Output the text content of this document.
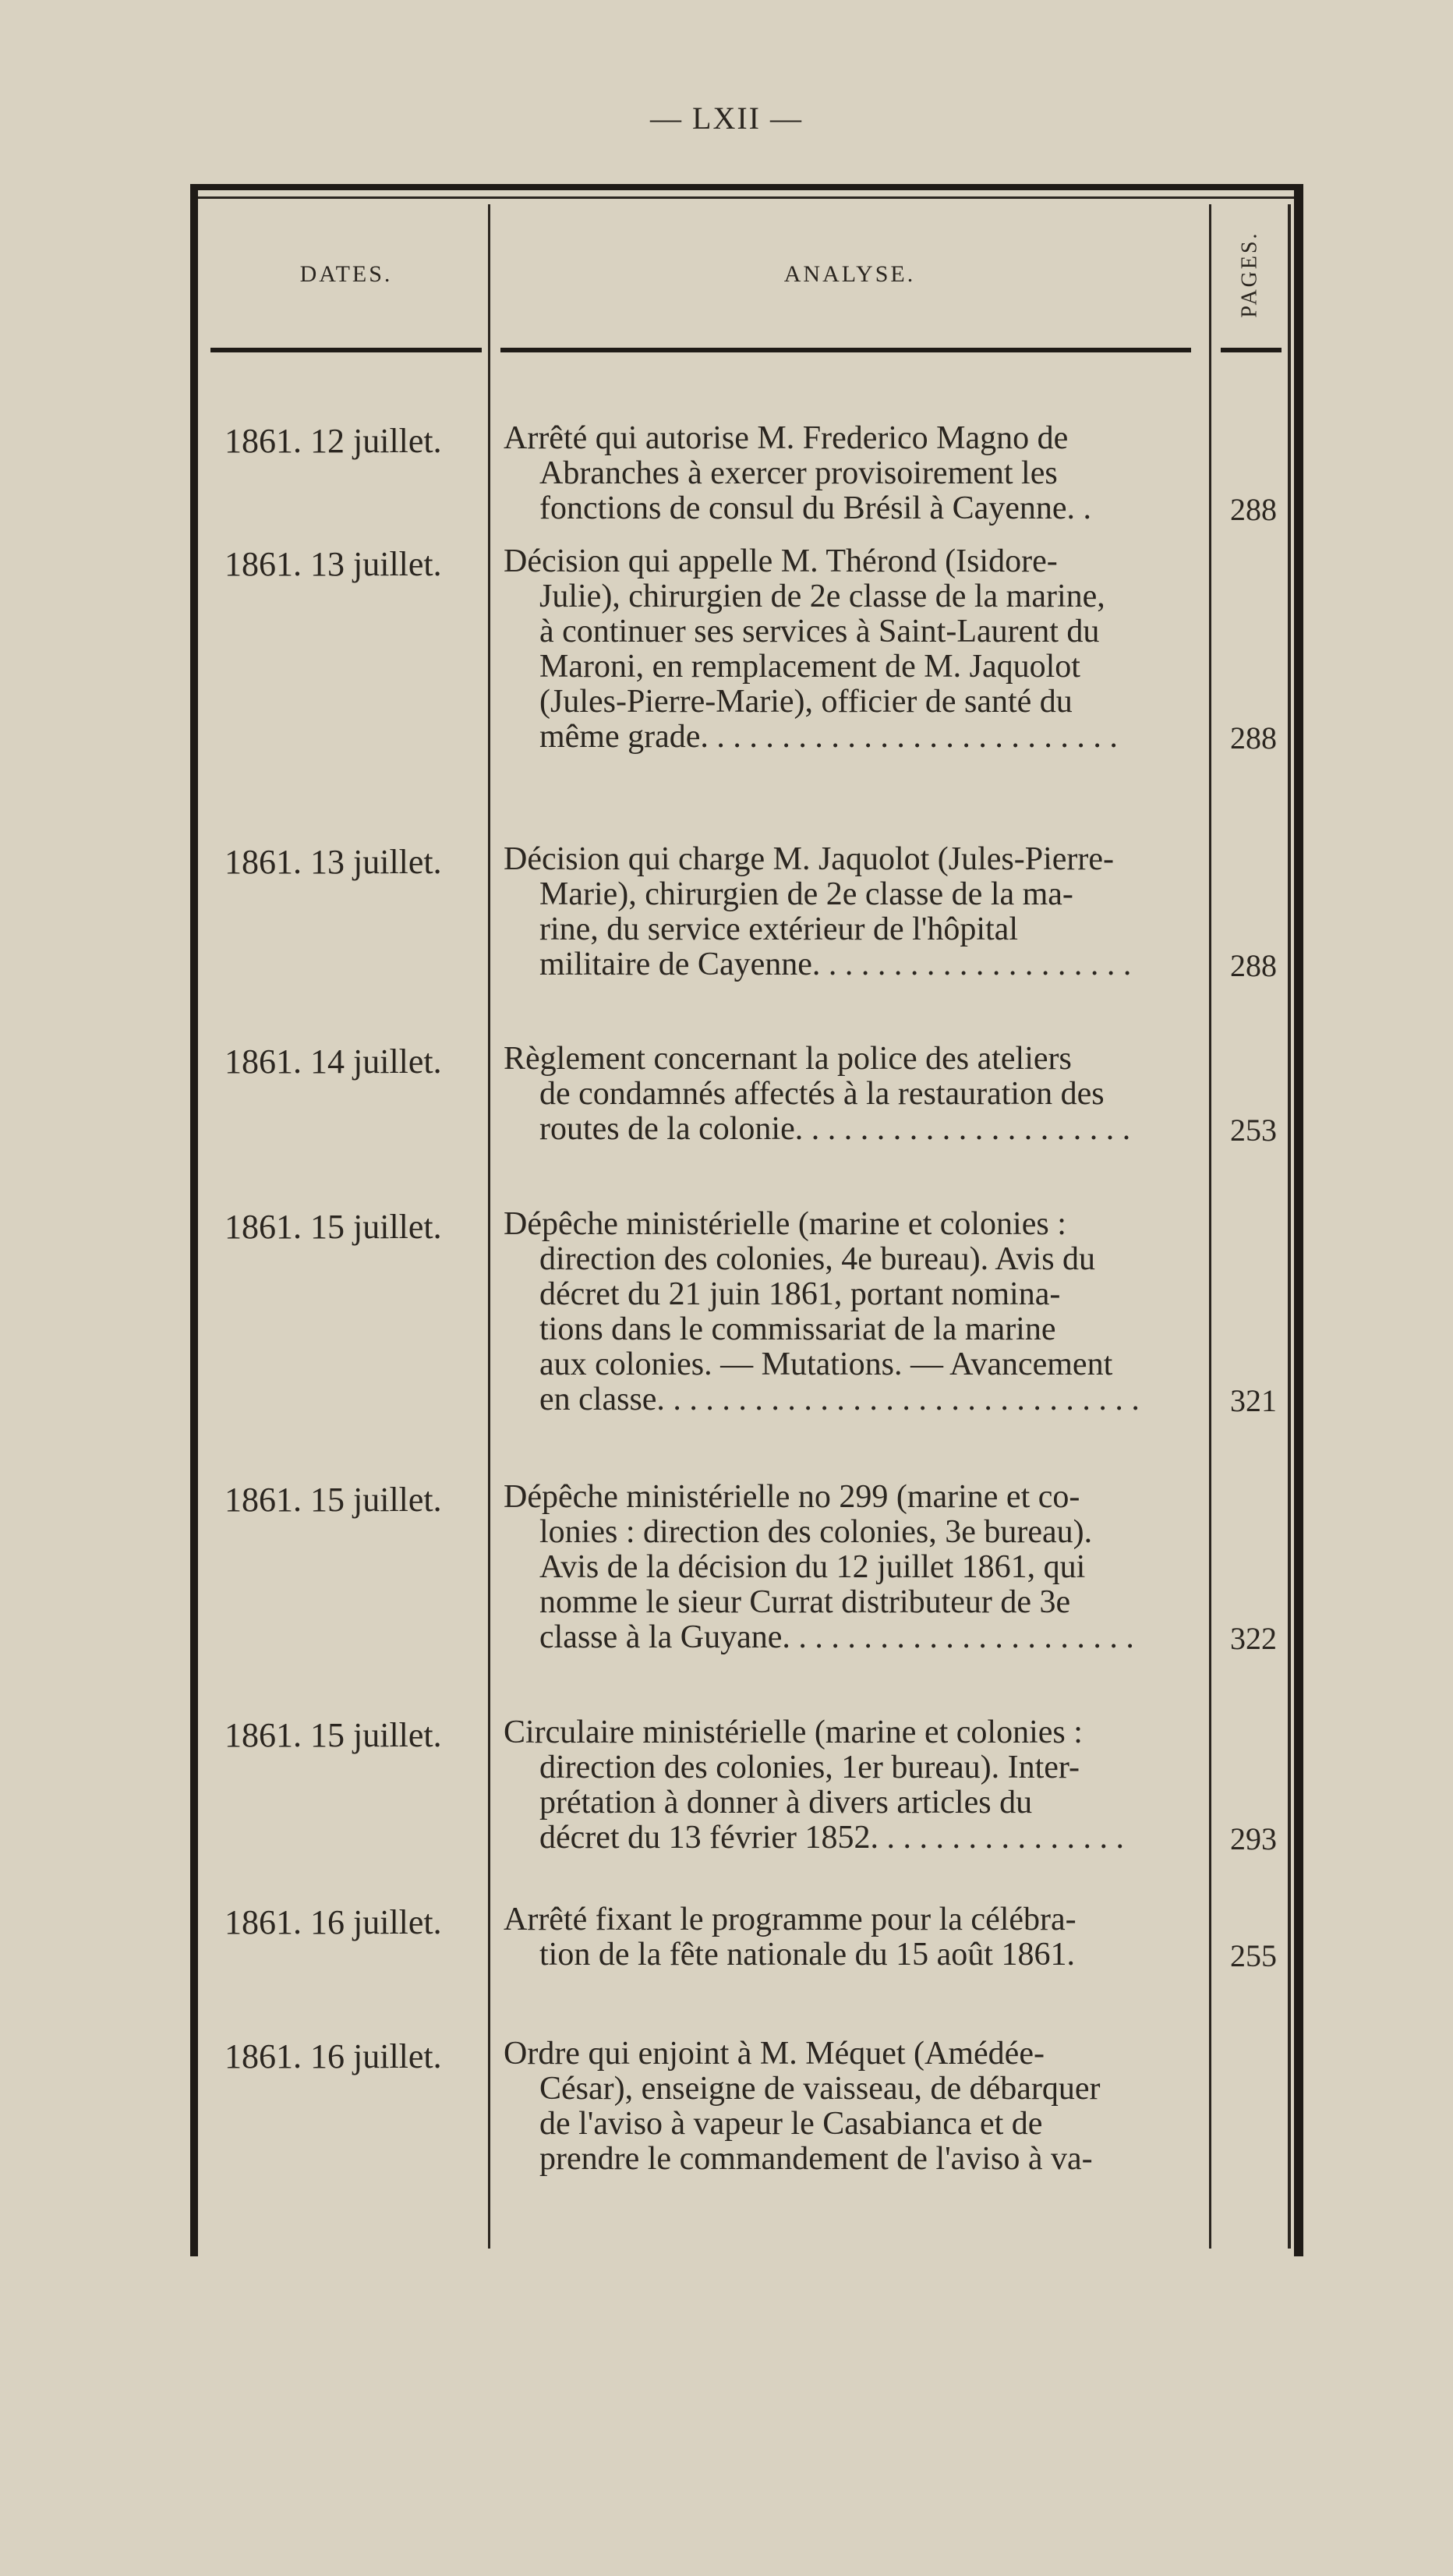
— LXII —
DATES.	ANALYSE.	PAGES.
1861. 12 juillet. Arrêté qui autorise M. Frederico Magno de
Abranches à exercer provisoirement les
fonctions de consul du Brésil à Cayenne. .	288
1861. 13 juillet. Décision qui appelle M. Thérond (Isidore-
Julie), chirurgien de 2e classe de la marine,
à continuer ses services à Saint-Laurent du
Maroni, en remplacement de M. Jaquolot
(Jules-Pierre-Marie), officier de santé du
même grade. . . . . . . . . . . . . . . . . . . . . . . . . .	288
1861. 13 juillet. Décision qui charge M. Jaquolot (Jules-Pierre-
Marie), chirurgien de 2e classe de la ma-
rine, du service extérieur de l'hôpital
militaire de Cayenne. . . . . . . . . . . . . . . . . . . .	288
1861. 14 juillet. Règlement concernant la police des ateliers
de condamnés affectés à la restauration des
routes de la colonie. . . . . . . . . . . . . . . . . . . . .	253
1861. 15 juillet. Dépêche ministérielle (marine et colonies :
direction des colonies, 4e bureau). Avis du
décret du 21 juin 1861, portant nomina-
tions dans le commissariat de la marine
aux colonies. — Mutations. — Avancement
en classe. . . . . . . . . . . . . . . . . . . . . . . . . . . . . .	321
1861. 15 juillet. Dépêche ministérielle no 299 (marine et co-
lonies : direction des colonies, 3e bureau).
Avis de la décision du 12 juillet 1861, qui
nomme le sieur Currat distributeur de 3e
classe à la Guyane. . . . . . . . . . . . . . . . . . . . . .	322
1861. 15 juillet. Circulaire ministérielle (marine et colonies :
direction des colonies, 1er bureau). Inter-
prétation à donner à divers articles du
décret du 13 février 1852. . . . . . . . . . . . . . . .	293
1861. 16 juillet. Arrêté fixant le programme pour la célébra-
tion de la fête nationale du 15 août 1861.	255
1861. 16 juillet. Ordre qui enjoint à M. Méquet (Amédée-
César), enseigne de vaisseau, de débarquer
de l'aviso à vapeur le Casabianca et de
prendre le commandement de l'aviso à va-
